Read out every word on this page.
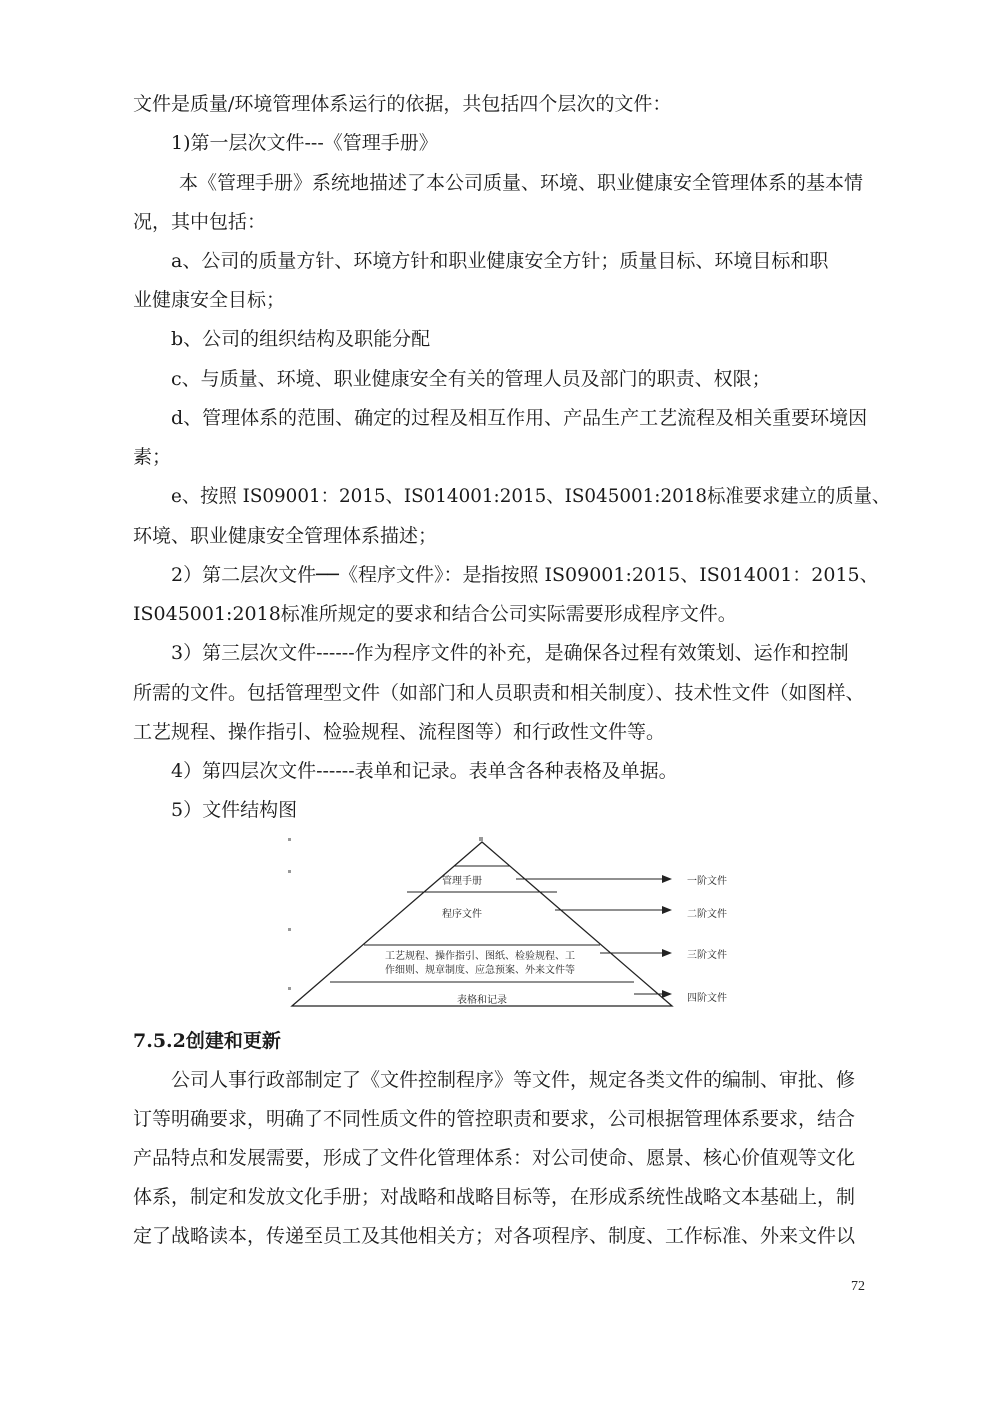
文件是质量/环境管理体系运行的依据，共包括四个层次的文件：
1)第一层次文件---《管理手册》
本《管理手册》系统地描述了本公司质量、环境、职业健康安全管理体系的基本情
况，其中包括：
a、公司的质量方针、环境方针和职业健康安全方针；质量目标、环境目标和职
业健康安全目标；
b、公司的组织结构及职能分配
c、与质量、环境、职业健康安全有关的管理人员及部门的职责、权限；
d、管理体系的范围、确定的过程及相互作用、产品生产工艺流程及相关重要环境因
素；
e、按照 IS09001：2015、IS014001:2015、IS045001:2018标准要求建立的质量、
环境、职业健康安全管理体系描述；
2）第二层次文件──《程序文件》：是指按照 IS09001:2015、IS014001：2015、
IS045001:2018标准所规定的要求和结合公司实际需要形成程序文件。
3）第三层次文件------作为程序文件的补充，是确保各过程有效策划、运作和控制
所需的文件。包括管理型文件（如部门和人员职责和相关制度）、技术性文件（如图样、
工艺规程、操作指引、检验规程、流程图等）和行政性文件等。
4）第四层次文件------表单和记录。表单含各种表格及单据。
5）文件结构图
管理手册
程序文件
工艺规程、操作指引、图纸、检验规程、工
作细则、规章制度、应急预案、外来文件等
表格和记录
一阶文件
二阶文件
三阶文件
四阶文件
7.5.2创建和更新
公司人事行政部制定了《文件控制程序》等文件，规定各类文件的编制、审批、修
订等明确要求，明确了不同性质文件的管控职责和要求，公司根据管理体系要求，结合
产品特点和发展需要，形成了文件化管理体系：对公司使命、愿景、核心价值观等文化
体系，制定和发放文化手册；对战略和战略目标等，在形成系统性战略文本基础上，制
定了战略读本，传递至员工及其他相关方；对各项程序、制度、工作标准、外来文件以
72
